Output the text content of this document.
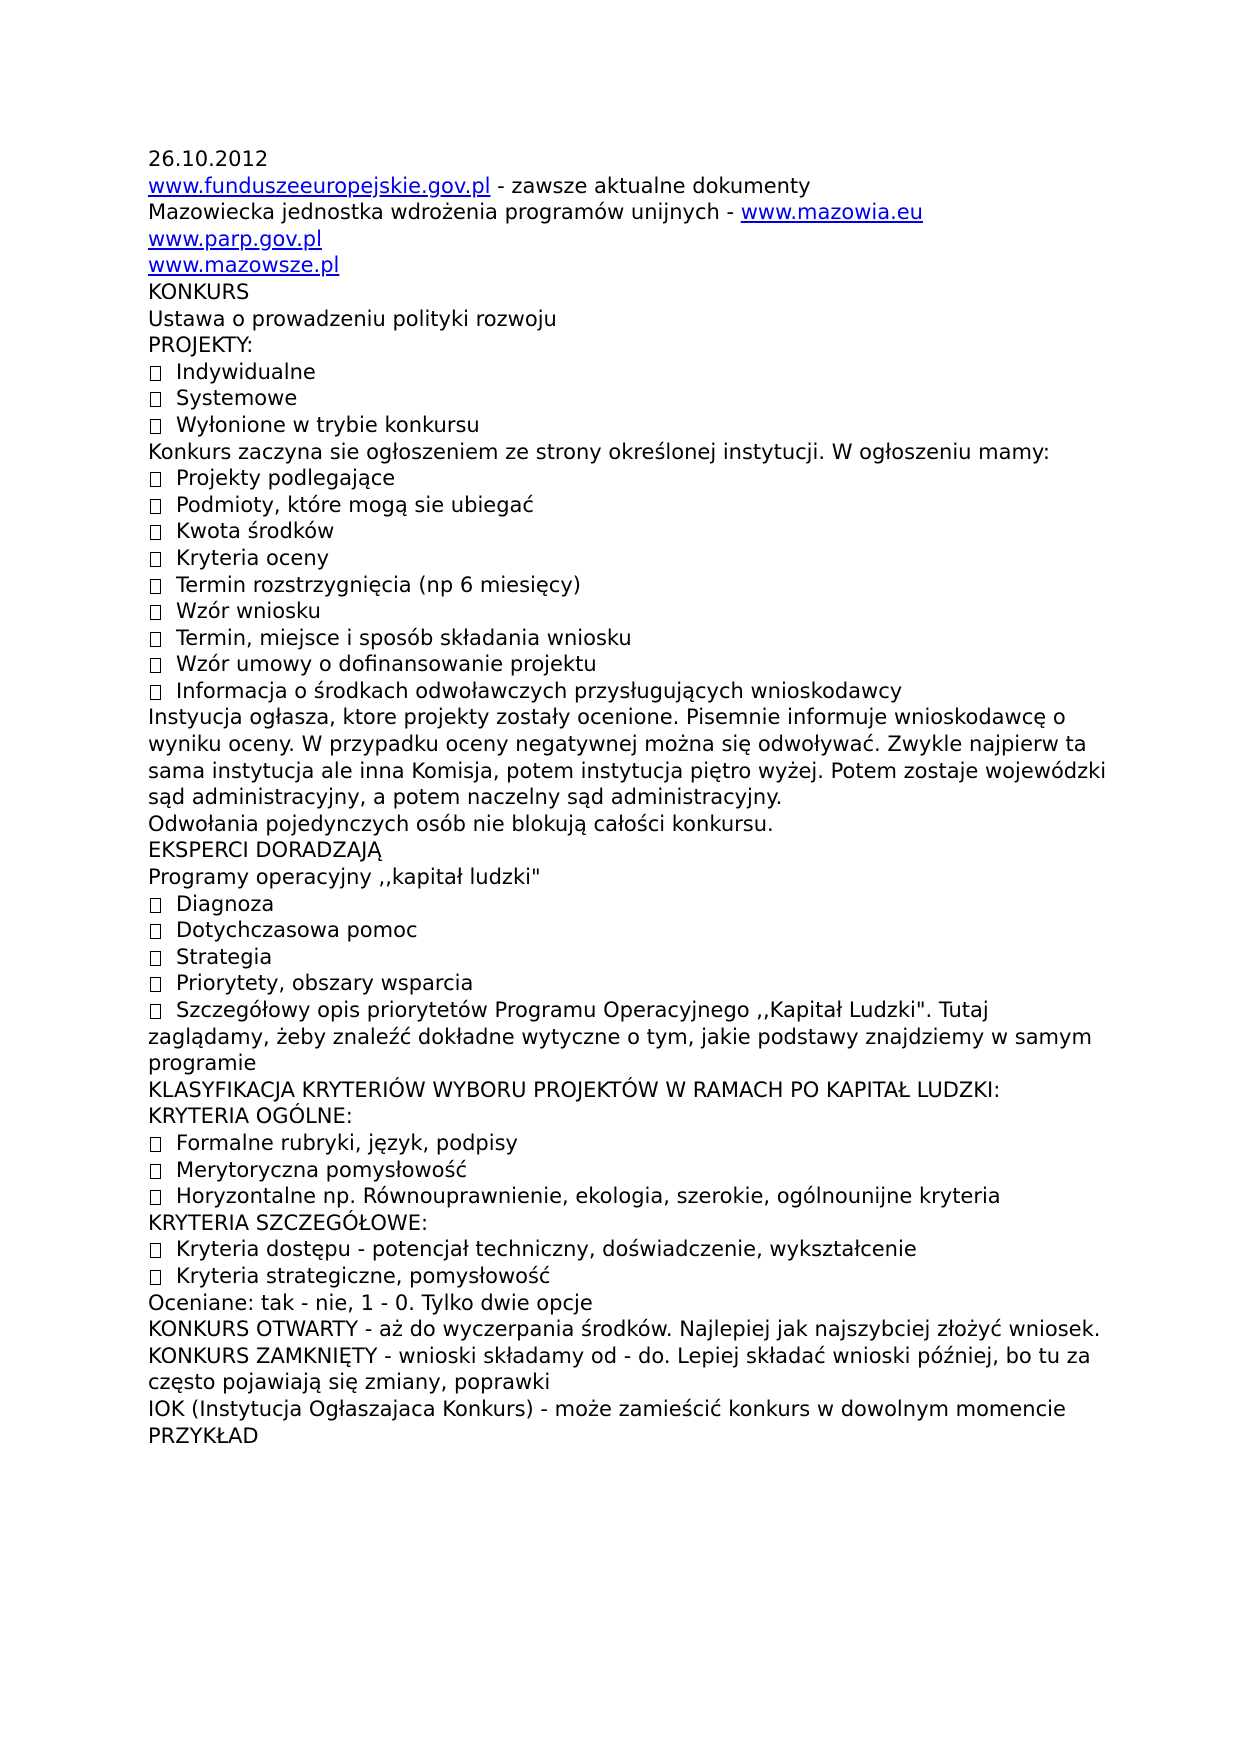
26.10.2012
www.funduszeeuropejskie.gov.pl - zawsze aktualne dokumenty
Mazowiecka jednostka wdrożenia programów unijnych - www.mazowia.eu
www.parp.gov.pl
www.mazowsze.pl
KONKURS
Ustawa o prowadzeniu polityki rozwoju
PROJEKTY:
Indywidualne
Systemowe
Wyłonione w trybie konkursu
Konkurs zaczyna sie ogłoszeniem ze strony określonej instytucji. W ogłoszeniu mamy:
Projekty podlegające
Podmioty, które mogą sie ubiegać
Kwota środków
Kryteria oceny
Termin rozstrzygnięcia (np 6 miesięcy)
Wzór wniosku
Termin, miejsce i sposób składania wniosku
Wzór umowy o dofinansowanie projektu
Informacja o środkach odwoławczych przysługujących wnioskodawcy
Instyucja ogłasza, ktore projekty zostały ocenione. Pisemnie informuje wnioskodawcę o wyniku oceny. W przypadku oceny negatywnej można się odwoływać. Zwykle najpierw ta sama instytucja ale inna Komisja, potem instytucja piętro wyżej. Potem zostaje wojewódzki sąd administracyjny, a potem naczelny sąd administracyjny.
Odwołania pojedynczych osób nie blokują całości konkursu.
EKSPERCI DORADZAJĄ
Programy operacyjny ,,kapitał ludzki"
Diagnoza
Dotychczasowa pomoc
Strategia
Priorytety, obszary wsparcia
Szczegółowy opis priorytetów Programu Operacyjnego ,,Kapitał Ludzki". Tutaj zaglądamy, żeby znaleźć dokładne wytyczne o tym, jakie podstawy znajdziemy w samym programie
KLASYFIKACJA KRYTERIÓW WYBORU PROJEKTÓW W RAMACH PO KAPITAŁ LUDZKI:
KRYTERIA OGÓLNE:
Formalne rubryki, język, podpisy
Merytoryczna pomysłowość
Horyzontalne np. Równouprawnienie, ekologia, szerokie, ogólnounijne kryteria
KRYTERIA SZCZEGÓŁOWE:
Kryteria dostępu - potencjał techniczny, doświadczenie, wykształcenie
Kryteria strategiczne, pomysłowość
Oceniane: tak - nie, 1 - 0. Tylko dwie opcje
KONKURS OTWARTY - aż do wyczerpania środków. Najlepiej jak najszybciej złożyć wniosek.
KONKURS ZAMKNIĘTY - wnioski składamy od - do. Lepiej składać wnioski później, bo tu za często pojawiają się zmiany, poprawki
IOK (Instytucja Ogłaszajaca Konkurs) - może zamieścić konkurs w dowolnym momencie
PRZYKŁAD
